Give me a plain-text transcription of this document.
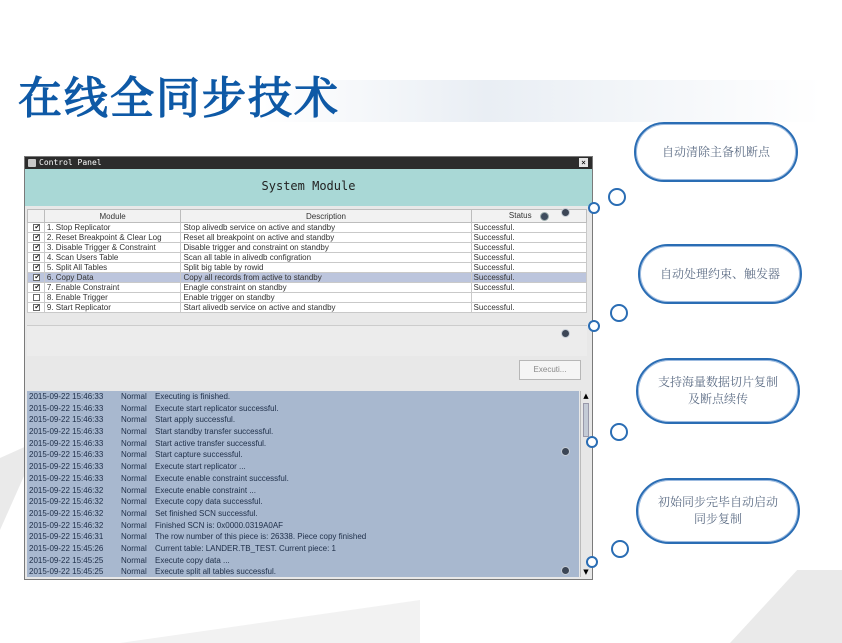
在线全同步技术
Control Panel	×
System Module
	Module	Description	Status
✔	1. Stop Replicator	Stop alivedb service on active and standby	Successful.
✔	2. Reset Breakpoint & Clear Log	Reset all breakpoint on active and standby	Successful.
✔	3. Disable Trigger & Constraint	Disable trigger and constraint on standby	Successful.
✔	4. Scan Users Table	Scan all table in alivedb configration	Successful.
✔	5. Split All Tables	Split big table by rowid	Successful.
✔	6. Copy Data	Copy all records from active to standby	Successful.
✔	7. Enable Constraint	Enagle constraint on standby	Successful.
	8. Enable Trigger	Enable trigger on standby	
✔	9. Start Replicator	Start alivedb service on active and standby	Successful.
Executi...
2015-09-22 15:46:33 Normal Executing is finished.
2015-09-22 15:46:33 Normal Execute start replicator successful.
2015-09-22 15:46:33 Normal Start apply successful.
2015-09-22 15:46:33 Normal Start standby transfer successful.
2015-09-22 15:46:33 Normal Start active transfer successful.
2015-09-22 15:46:33 Normal Start capture successful.
2015-09-22 15:46:33 Normal Execute start replicator ...
2015-09-22 15:46:33 Normal Execute enable constraint successful.
2015-09-22 15:46:32 Normal Execute enable constraint ...
2015-09-22 15:46:32 Normal Execute copy data successful.
2015-09-22 15:46:32 Normal Set finished SCN successful.
2015-09-22 15:46:32 Normal Finished SCN is: 0x0000.0319A0AF
2015-09-22 15:46:31 Normal The row number of this piece is: 26338. Piece copy finished
2015-09-22 15:45:26 Normal Current table: LANDER.TB_TEST. Current piece: 1
2015-09-22 15:45:25 Normal Execute copy data ...
2015-09-22 15:45:25 Normal Execute split all tables successful.
▲
▼
自动清除主备机断点
自动处理约束、触发器
支持海量数据切片复制及断点续传
初始同步完毕自动启动同步复制
